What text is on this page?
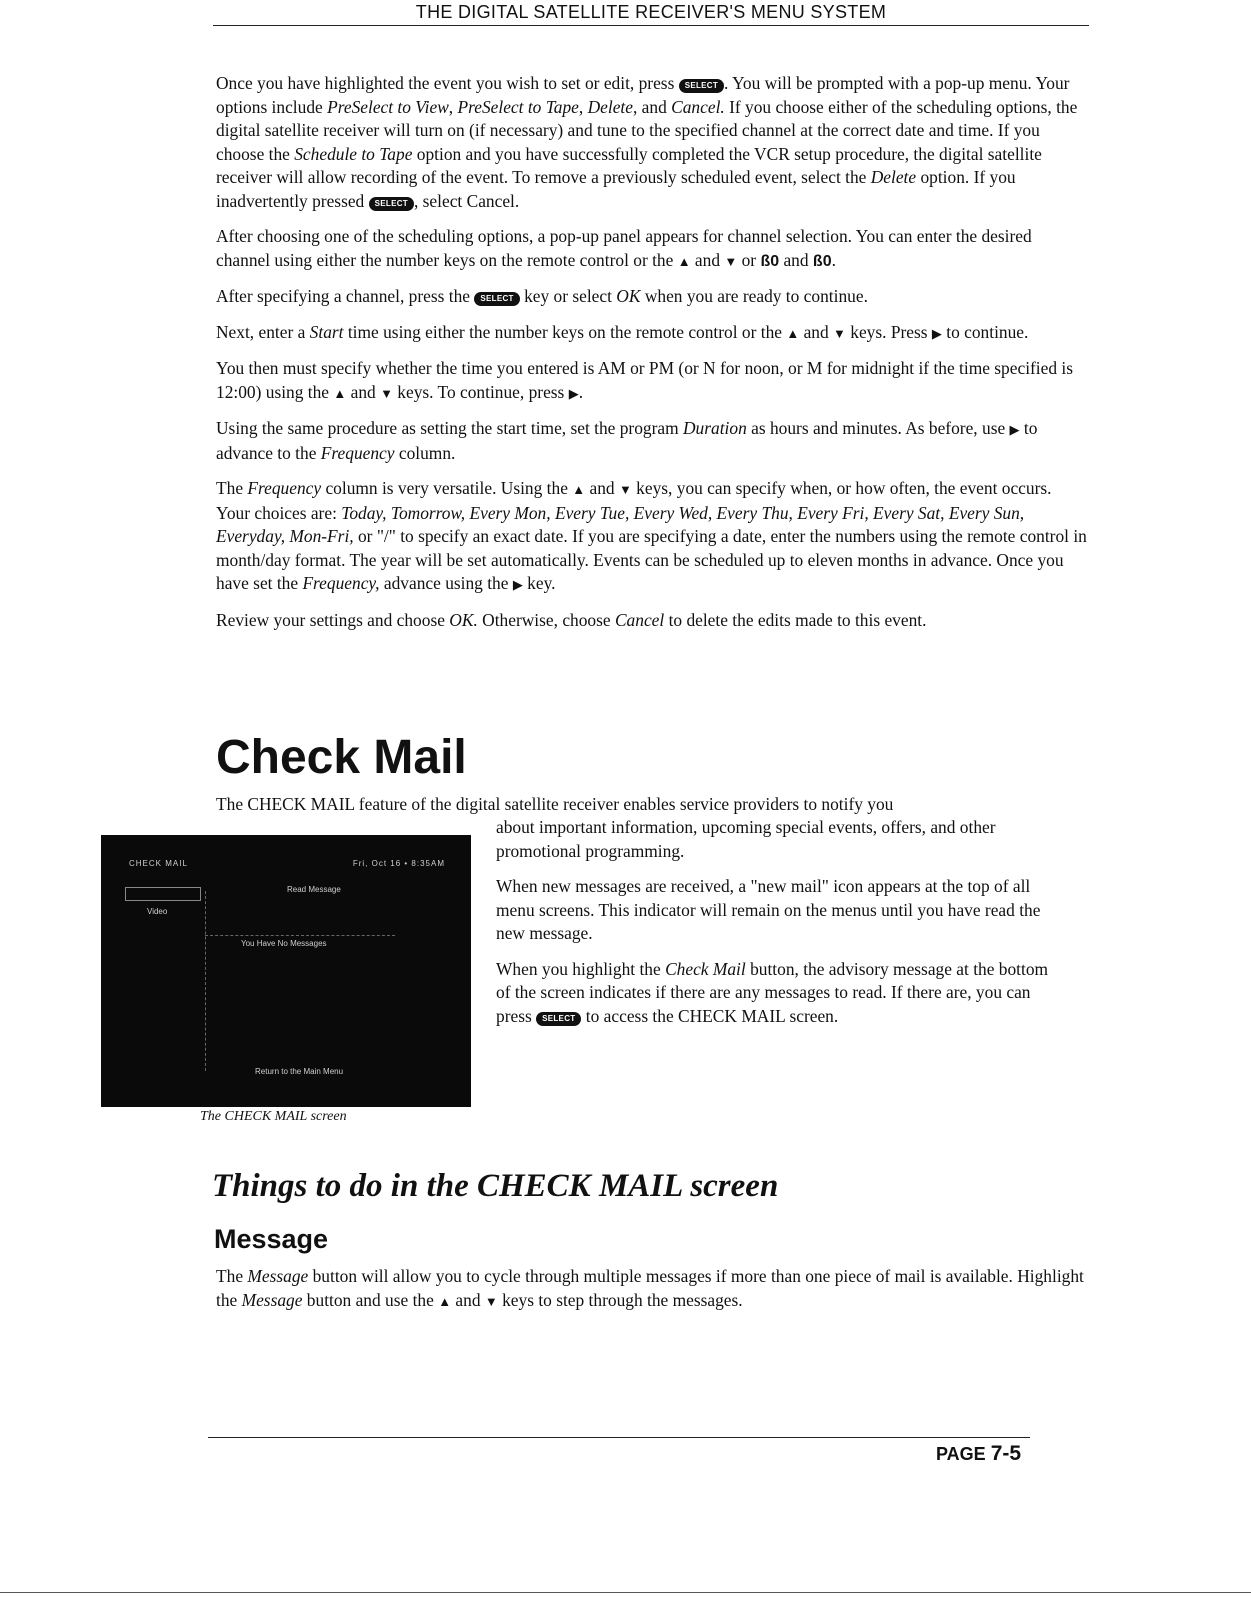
THE DIGITAL SATELLITE RECEIVER'S MENU SYSTEM

Once you have highlighted the event you wish to set or edit, press SELECT . You will be prompted with a pop-up menu. Your options include PreSelect to View, PreSelect to Tape, Delete, and Cancel. If you choose either of the scheduling options, the digital satellite receiver will turn on (if necessary) and tune to the specified channel at the correct date and time. If you choose the Schedule to Tape option and you have successfully completed the VCR setup procedure, the digital satellite receiver will allow recording of the event. To remove a previously scheduled event, select the Delete option. If you inadvertently pressed SELECT , select Cancel.

After choosing one of the scheduling options, a pop-up panel appears for channel selection. You can enter the desired channel using either the number keys on the remote control or the ▲ and ▼ or ß0 and ß0.

After specifying a channel, press the SELECT key or select OK when you are ready to continue.

Next, enter a Start time using either the number keys on the remote control or the ▲ and ▼ keys. Press ▶ to continue.

You then must specify whether the time you entered is AM or PM (or N for noon, or M for midnight if the time specified is 12:00) using the ▲ and ▼ keys. To continue, press ▶.

Using the same procedure as setting the start time, set the program Duration as hours and minutes. As before, use ▶ to advance to the Frequency column.

The Frequency column is very versatile. Using the ▲ and ▼ keys, you can specify when, or how often, the event occurs. Your choices are: Today, Tomorrow, Every Mon, Every Tue, Every Wed, Every Thu, Every Fri, Every Sat, Every Sun, Everyday, Mon-Fri, or "/" to specify an exact date. If you are specifying a date, enter the numbers using the remote control in month/day format. The year will be set automatically. Events can be scheduled up to eleven months in advance. Once you have set the Frequency, advance using the ▶ key.

Review your settings and choose OK. Otherwise, choose Cancel to delete the edits made to this event.

Check Mail

The CHECK MAIL feature of the digital satellite receiver enables service providers to notify you

CHECK MAIL	Fri, Oct 16 • 8:35AM
Video
Read Message
You Have No Messages
Return to the Main Menu

The CHECK MAIL screen

about important information, upcoming special events, offers, and other promotional programming.

When new messages are received, a "new mail" icon appears at the top of all menu screens. This indicator will remain on the menus until you have read the new message.

When you highlight the Check Mail button, the advisory message at the bottom of the screen indicates if there are any messages to read. If there are, you can press SELECT to access the CHECK MAIL screen.

Things to do in the CHECK MAIL screen
Message

The Message button will allow you to cycle through multiple messages if more than one piece of mail is available. Highlight the Message button and use the ▲ and ▼ keys to step through the messages.

PAGE 7-5
